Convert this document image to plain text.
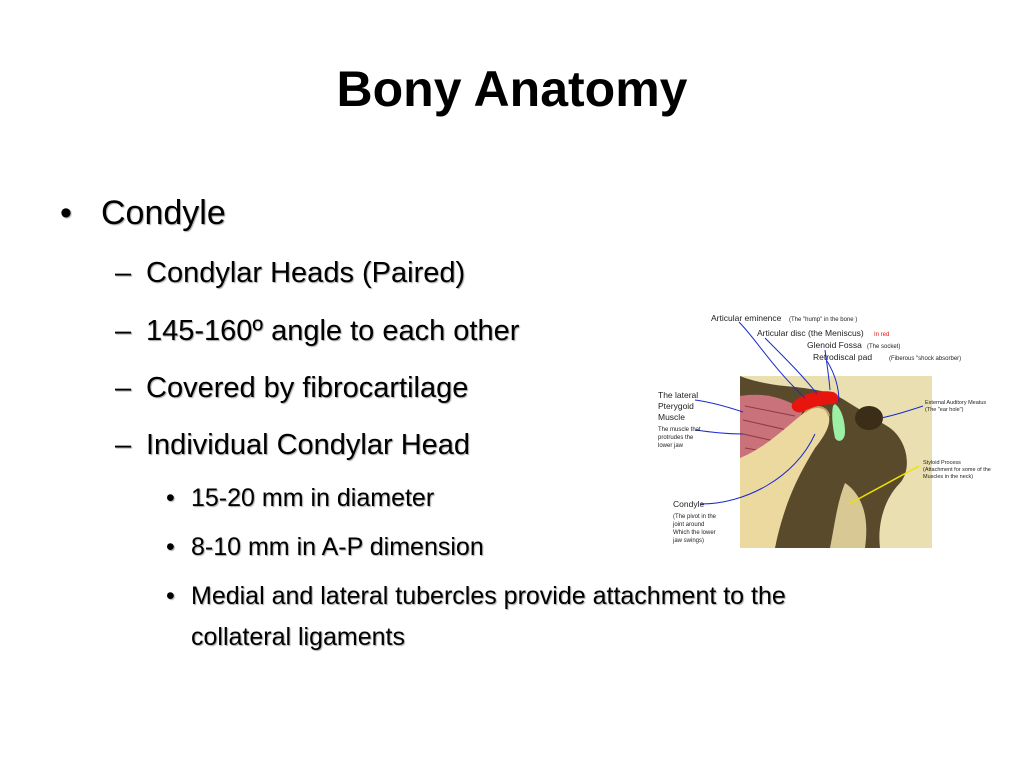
Bony Anatomy
• Condyle
– Condylar Heads (Paired)
– 145-160º angle to each other
– Covered by fibrocartilage
– Individual Condylar Head
• 15-20 mm in diameter
• 8-10 mm in A-P dimension
• Medial and lateral tubercles provide attachment to the
collateral ligaments
Articular eminence (The "hump" in the bone )
Articular disc (the Meniscus) In red
Glenoid Fossa (The socket)
Retrodiscal pad	(Fiberous "shock absorber)
The lateral
Pterygoid
Muscle
The muscle that
protrudes the
lower jaw
External Auditory Meatus
(The "ear hole")
Styloid Process
(Attachment for some of the
Muscles in the neck)
Condyle
(The pivot in the
joint around
Which the lower
jaw swings)
